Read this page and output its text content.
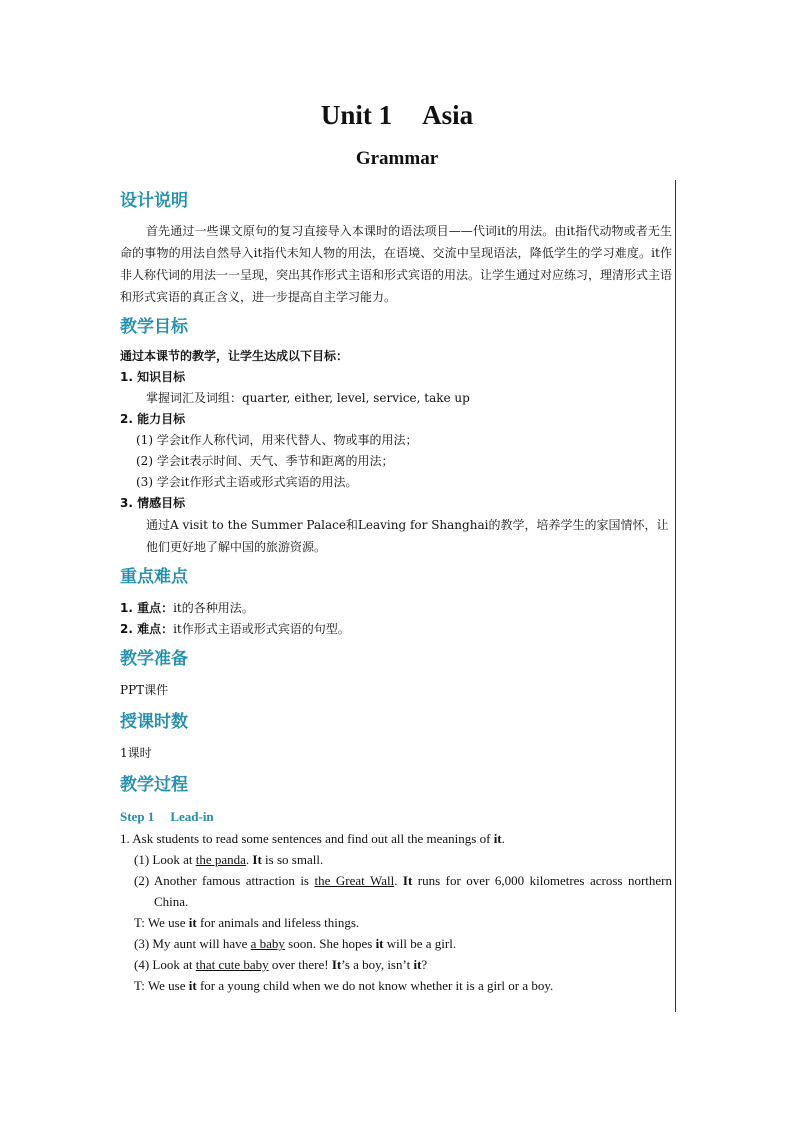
Unit 1 Asia
Grammar

设计说明

首先通过一些课文原句的复习直接导入本课时的语法项目——代词it的用法。由it指代动物或者无生命的事物的用法自然导入it指代未知人物的用法，在语境、交流中呈现语法，降低学生的学习难度。it作非人称代词的用法一一呈现，突出其作形式主语和形式宾语的用法。让学生通过对应练习，理清形式主语和形式宾语的真正含义，进一步提高自主学习能力。

教学目标

通过本课节的教学，让学生达成以下目标：

1. 知识目标

掌握词汇及词组：quarter, either, level, service, take up

2. 能力目标

(1) 学会it作人称代词，用来代替人、物或事的用法；

(2) 学会it表示时间、天气、季节和距离的用法；

(3) 学会it作形式主语或形式宾语的用法。

3. 情感目标

通过A visit to the Summer Palace和Leaving for Shanghai的教学，培养学生的家国情怀，让他们更好地了解中国的旅游资源。

重点难点

1. 重点：it的各种用法。

2. 难点：it作形式主语或形式宾语的句型。

教学准备

PPT课件

授课时数

1课时

教学过程

Step 1 Lead-in

1. Ask students to read some sentences and find out all the meanings of it.

(1) Look at the panda. It is so small.

(2) Another famous attraction is the Great Wall. It runs for over 6,000 kilometres across northern China.

T: We use it for animals and lifeless things.

(3) My aunt will have a baby soon. She hopes it will be a girl.

(4) Look at that cute baby over there! It’s a boy, isn’t it?

T: We use it for a young child when we do not know whether it is a girl or a boy.
